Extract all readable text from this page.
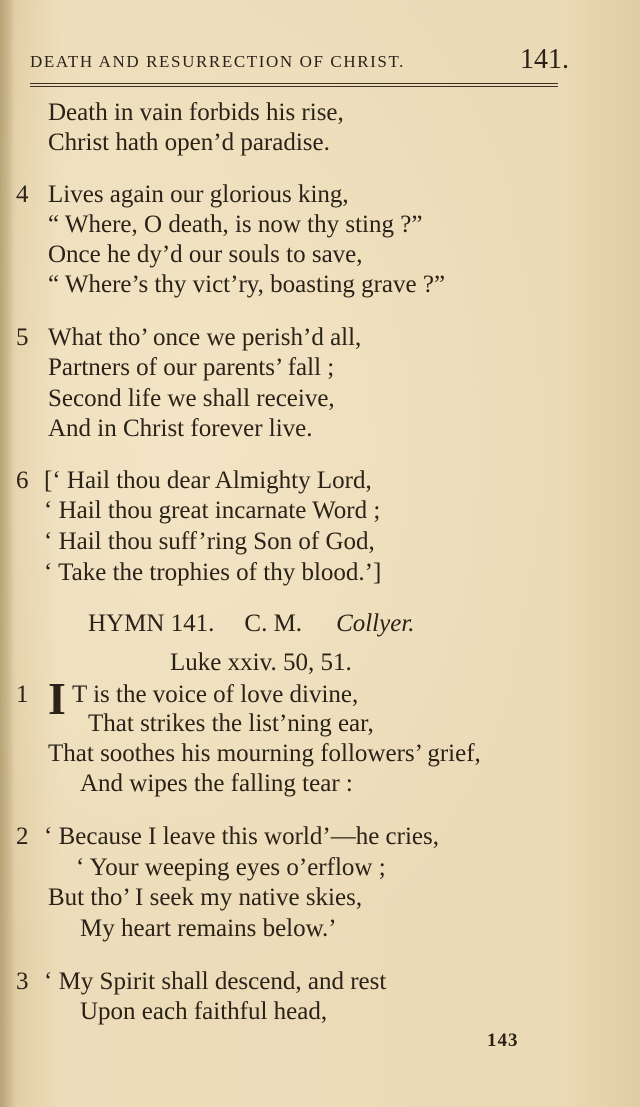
DEATH AND RESURRECTION OF CHRIST.	141.
Death in vain forbids his rise,
Christ hath open’d paradise.
4 Lives again our glorious king,
“ Where, O death, is now thy sting ?”
Once he dy’d our souls to save,
“ Where’s thy vict’ry, boasting grave ?”
5 What tho’ once we perish’d all,
Partners of our parents’ fall ;
Second life we shall receive,
And in Christ forever live.
6 [‘ Hail thou dear Almighty Lord,
‘ Hail thou great incarnate Word ;
‘ Hail thou suff’ring Son of God,
‘ Take the trophies of thy blood.’]
HYMN 141. C. M. Collyer.
Luke xxiv. 50, 51.
1 I T is the voice of love divine,
That strikes the list’ning ear,
That soothes his mourning followers’ grief,
And wipes the falling tear :
2 ‘ Because I leave this world’—he cries,
‘ Your weeping eyes o’erflow ;
But tho’ I seek my native skies,
My heart remains below.’
3 ‘ My Spirit shall descend, and rest
Upon each faithful head,
143
